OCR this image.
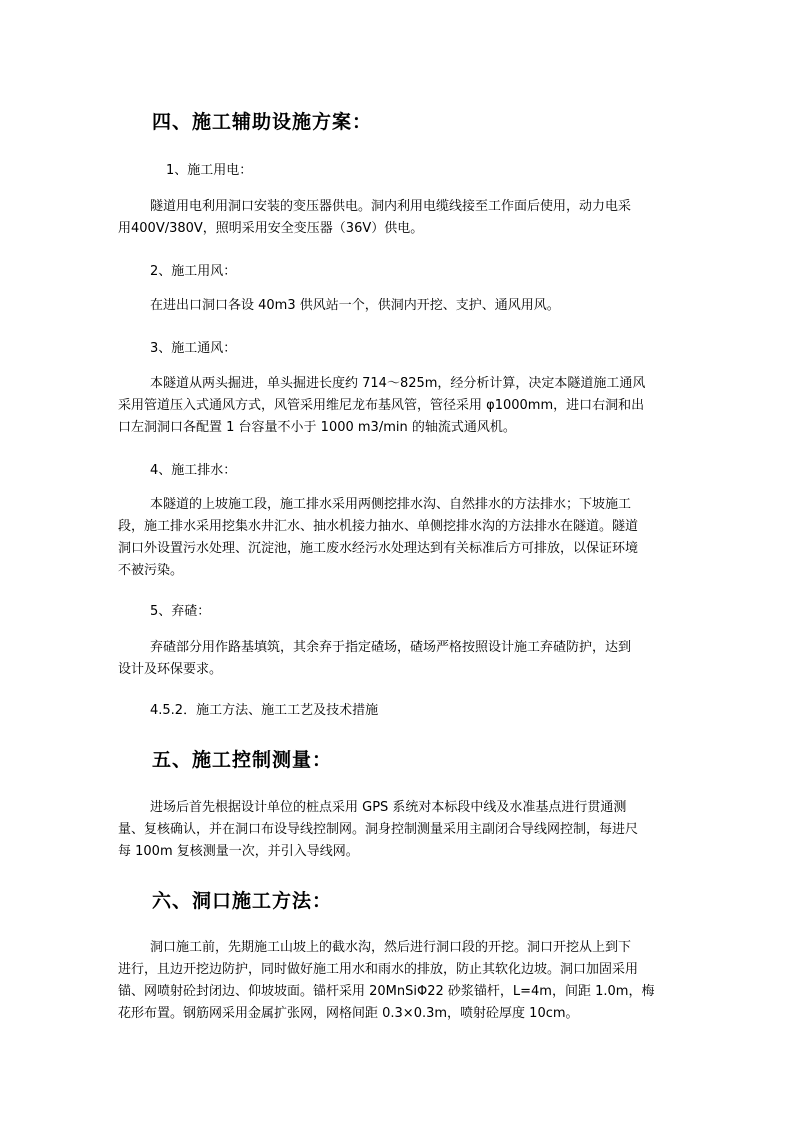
四、施工辅助设施方案：
1、施工用电：
隧道用电利用洞口安装的变压器供电。洞内利用电缆线接至工作面后使用，动力电采
用400V/380V，照明采用安全变压器（36V）供电。
2、施工用风：
在进出口洞口各设 40m3 供风站一个，供洞内开挖、支护、通风用风。
3、施工通风：
本隧道从两头掘进，单头掘进长度约 714～825m，经分析计算，决定本隧道施工通风
采用管道压入式通风方式，风管采用维尼龙布基风管，管径采用 φ1000mm，进口右洞和出
口左洞洞口各配置 1 台容量不小于 1000 m3/min 的轴流式通风机。
4、施工排水：
本隧道的上坡施工段，施工排水采用两侧挖排水沟、自然排水的方法排水；下坡施工
段，施工排水采用挖集水井汇水、抽水机接力抽水、单侧挖排水沟的方法排水在隧道。隧道
洞口外设置污水处理、沉淀池，施工废水经污水处理达到有关标准后方可排放，以保证环境
不被污染。
5、弃碴：
弃碴部分用作路基填筑，其余弃于指定碴场，碴场严格按照设计施工弃碴防护，达到
设计及环保要求。
4.5.2．施工方法、施工工艺及技术措施
五、施工控制测量：
进场后首先根据设计单位的桩点采用 GPS 系统对本标段中线及水准基点进行贯通测
量、复核确认，并在洞口布设导线控制网。洞身控制测量采用主副闭合导线网控制，每进尺
每 100m 复核测量一次，并引入导线网。
六、洞口施工方法：
洞口施工前，先期施工山坡上的截水沟，然后进行洞口段的开挖。洞口开挖从上到下
进行，且边开挖边防护，同时做好施工用水和雨水的排放，防止其软化边坡。洞口加固采用
锚、网喷射砼封闭边、仰坡坡面。锚杆采用 20MnSiΦ22 砂浆锚杆，L=4m，间距 1.0m，梅
花形布置。钢筋网采用金属扩张网，网格间距 0.3×0.3m，喷射砼厚度 10cm。
